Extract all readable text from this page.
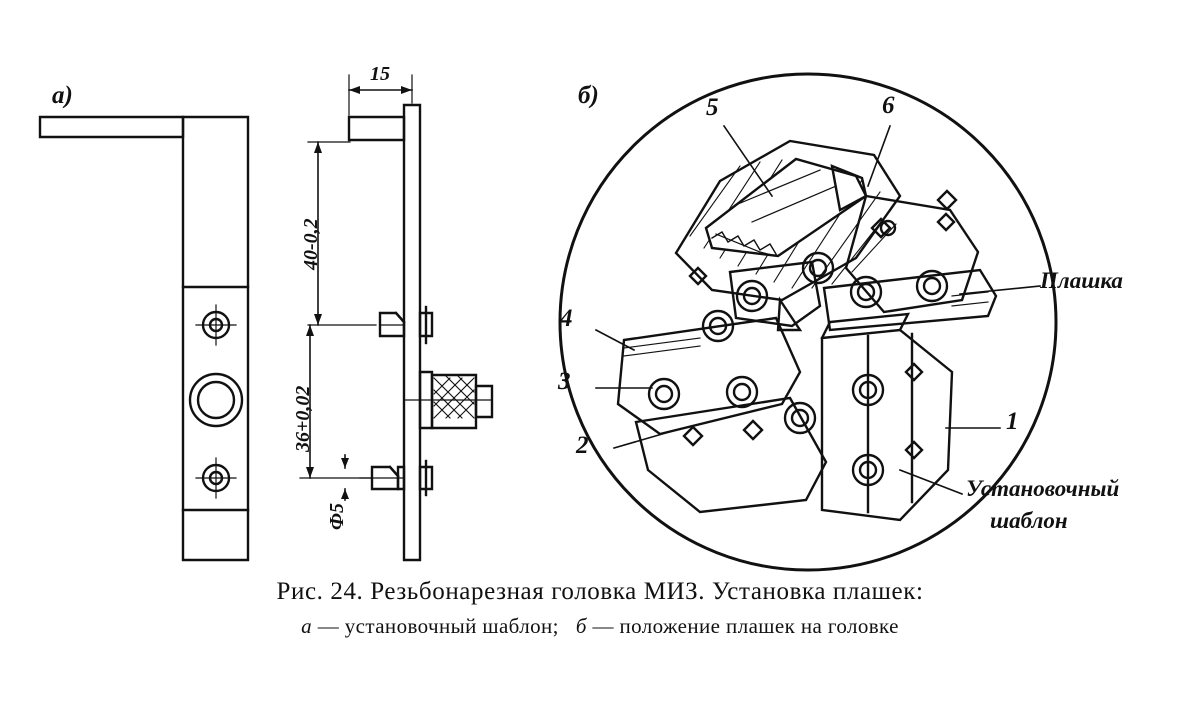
а)	б)
15
40-0,2
36+0,02
Ф5
5	6
4
3
2
1
Плашка
Установочный
шаблон
Рис. 24. Резьбонарезная головка МИЗ. Установка плашек:
а — установочный шаблон; б — положение плашек на головке
